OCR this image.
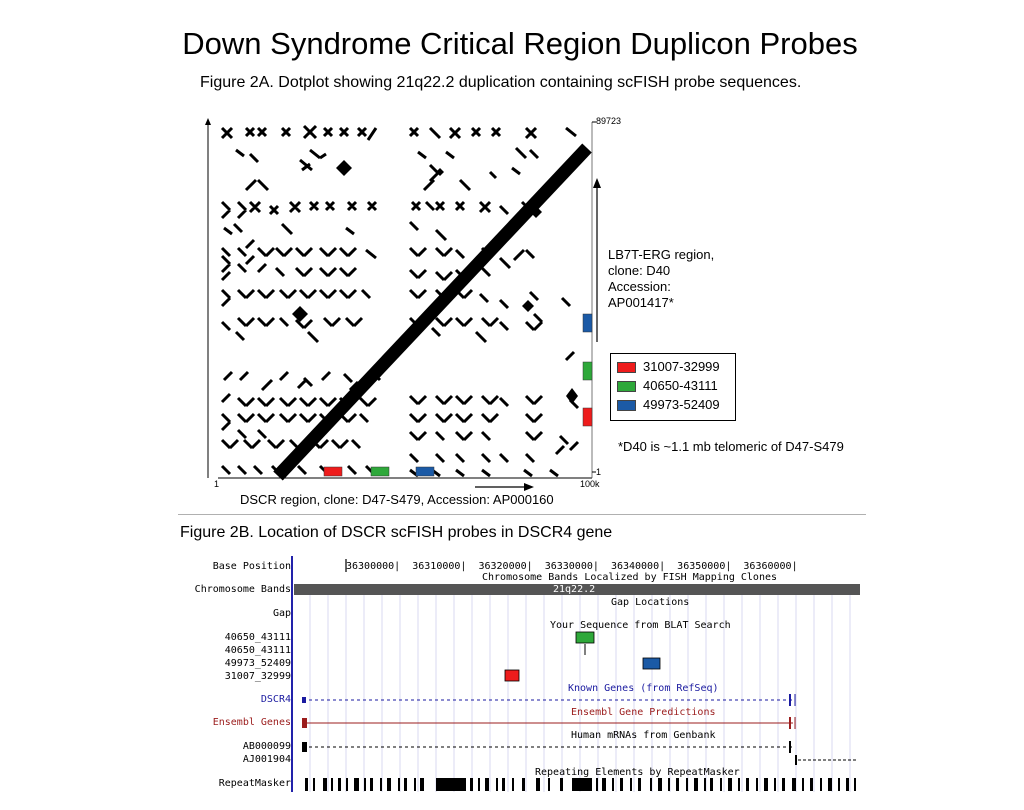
Down Syndrome Critical Region Duplicon Probes
Figure 2A. Dotplot showing 21q22.2 duplication containing scFISH probe sequences.
89723
1
1	100k
DSCR region, clone: D47-S479, Accession: AP000160
LB7T-ERG region,
clone: D40
Accession:
AP001417*
31007-32999
40650-43111
49973-52409
*D40 is ~1.1 mb telomeric of D47-S479
Figure 2B. Location of DSCR scFISH probes in DSCR4 gene
36300000| 36310000| 36320000| 36330000| 36340000| 36350000| 36360000|
Base Position
Chromosome Bands
Gap
40650_43111
40650_43111
49973_52409
31007_32999
DSCR4
Ensembl Genes
AB000099
AJ001904
RepeatMasker
Chromosome Bands Localized by FISH Mapping Clones
21q22.2
Gap Locations
Your Sequence from BLAT Search
Known Genes (from RefSeq)
Ensembl Gene Predictions
Human mRNAs from Genbank
Repeating Elements by RepeatMasker
